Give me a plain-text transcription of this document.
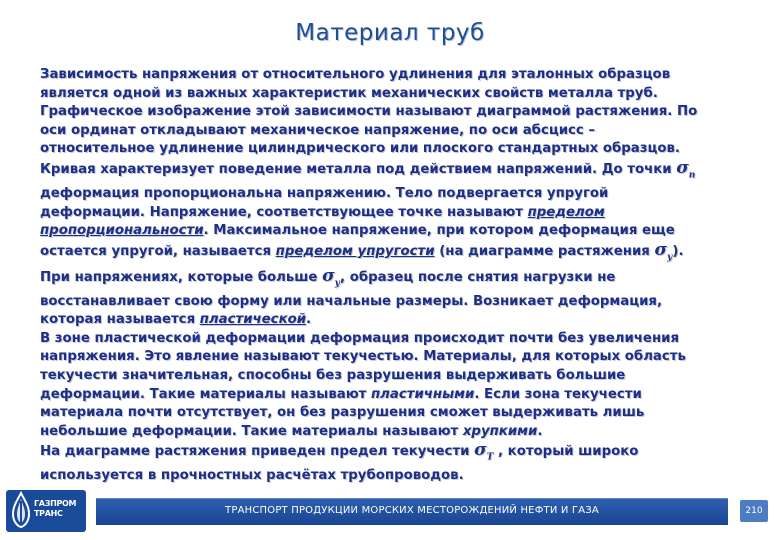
Материал труб

Зависимость напряжения от относительного удлинения для эталонных образцов является одной из важных характеристик механических свойств металла труб. Графическое изображение этой зависимости называют диаграммой растяжения. По оси ординат откладывают механическое напряжение, по оси абсцисс – относительное удлинение цилиндрического или плоского стандартных образцов.

Кривая характеризует поведение металла под действием напряжений. До точки $\sigma_п$ деформация пропорциональна напряжению. Тело подвергается упругой деформации. Напряжение, соответствующее точке называют пределом пропорциональности. Максимальное напряжение, при котором деформация еще остается упругой, называется пределом упругости (на диаграмме растяжения $\sigma_у$).

При напряжениях, которые больше $\sigma_у$, образец после снятия нагрузки не восстанавливает свою форму или начальные размеры. Возникает деформация, которая называется пластической.

В зоне пластической деформации деформация происходит почти без увеличения напряжения. Это явление называют текучестью. Материалы, для которых область текучести значительная, способны без разрушения выдерживать большие деформации. Такие материалы называют пластичными. Если зона текучести материала почти отсутствует, он без разрушения сможет выдерживать лишь небольшие деформации. Такие материалы называют хрупкими.

На диаграмме растяжения приведен предел текучести $\sigma_Т$ , который широко используется в прочностных расчётах трубопроводов.

ГАЗПРОМ ТРАНС	ТРАНСПОРТ ПРОДУКЦИИ МОРСКИХ МЕСТОРОЖДЕНИЙ НЕФТИ И ГАЗА	210
